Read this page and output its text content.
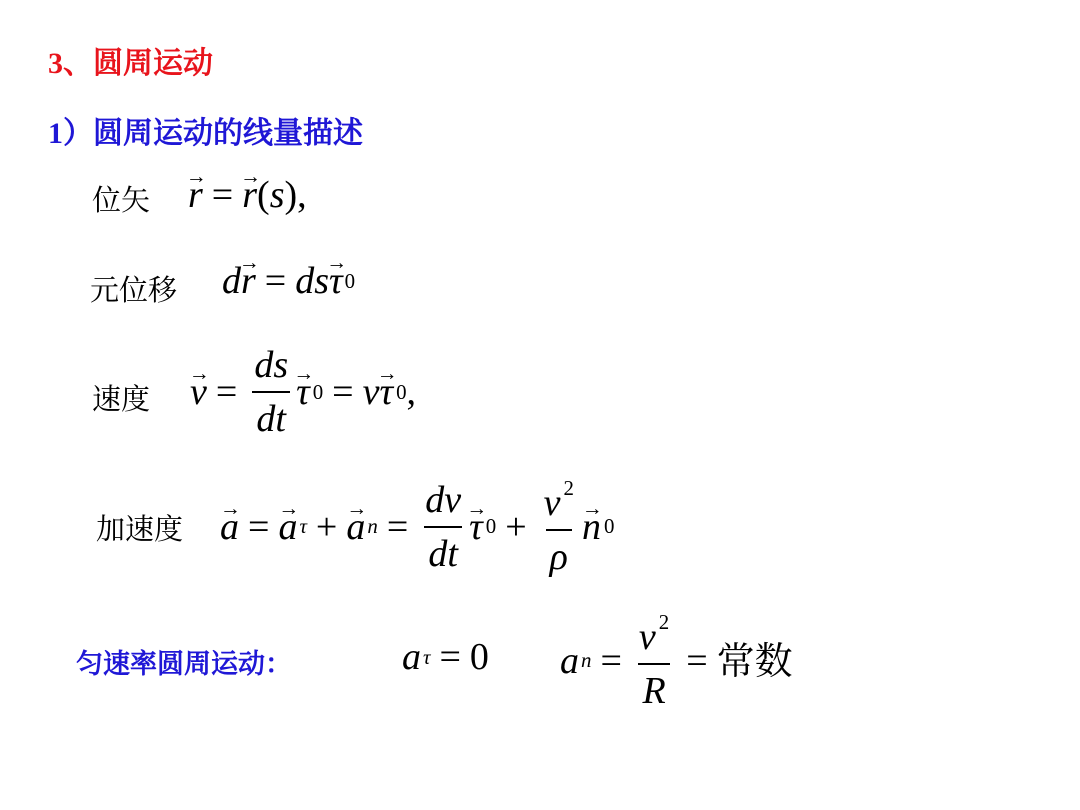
3、圆周运动
1）圆周运动的线量描述
位矢
→ r =
→ r ( s ) ,
元位移 d
→ r = ds
→ τ 0
速度
→ $v = \frac{ds}{dt}$
→ τ 0 = v
→ τ 0 ,
加速度
→ a =
→ a τ +
→ a $n = \frac{dv}{dt}$
→ τ $0 + \frac{v ^2}{\rho}$
→ n 0
匀速率圆周运动：	a τ = 0 a $n = \frac{v ^2}{R}$ = 常数
